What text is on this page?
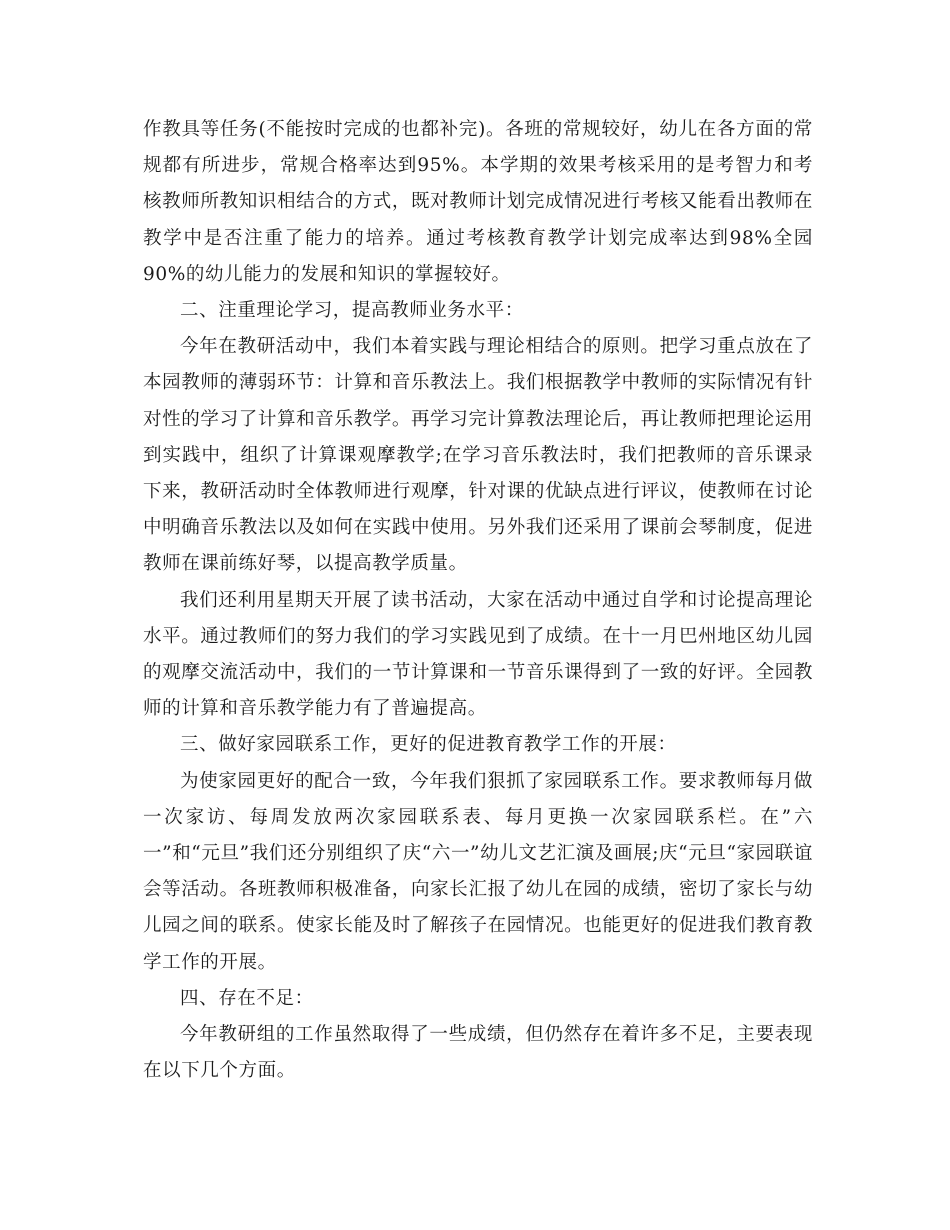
作教具等任务(不能按时完成的也都补完)。各班的常规较好，幼儿在各方面的常规都有所进步，常规合格率达到95%。本学期的效果考核采用的是考智力和考核教师所教知识相结合的方式，既对教师计划完成情况进行考核又能看出教师在教学中是否注重了能力的培养。通过考核教育教学计划完成率达到98%全园90%的幼儿能力的发展和知识的掌握较好。

二、注重理论学习，提高教师业务水平：

今年在教研活动中，我们本着实践与理论相结合的原则。把学习重点放在了本园教师的薄弱环节：计算和音乐教法上。我们根据教学中教师的实际情况有针对性的学习了计算和音乐教学。再学习完计算教法理论后，再让教师把理论运用到实践中，组织了计算课观摩教学;在学习音乐教法时，我们把教师的音乐课录下来，教研活动时全体教师进行观摩，针对课的优缺点进行评议，使教师在讨论中明确音乐教法以及如何在实践中使用。另外我们还采用了课前会琴制度，促进教师在课前练好琴，以提高教学质量。

我们还利用星期天开展了读书活动，大家在活动中通过自学和讨论提高理论水平。通过教师们的努力我们的学习实践见到了成绩。在十一月巴州地区幼儿园的观摩交流活动中，我们的一节计算课和一节音乐课得到了一致的好评。全园教师的计算和音乐教学能力有了普遍提高。

三、做好家园联系工作，更好的促进教育教学工作的开展：

为使家园更好的配合一致，今年我们狠抓了家园联系工作。要求教师每月做一次家访、每周发放两次家园联系表、每月更换一次家园联系栏。在”六一”和“元旦”我们还分别组织了庆“六一”幼儿文艺汇演及画展;庆“元旦“家园联谊会等活动。各班教师积极准备，向家长汇报了幼儿在园的成绩，密切了家长与幼儿园之间的联系。使家长能及时了解孩子在园情况。也能更好的促进我们教育教学工作的开展。

四、存在不足：

今年教研组的工作虽然取得了一些成绩，但仍然存在着许多不足，主要表现在以下几个方面。
